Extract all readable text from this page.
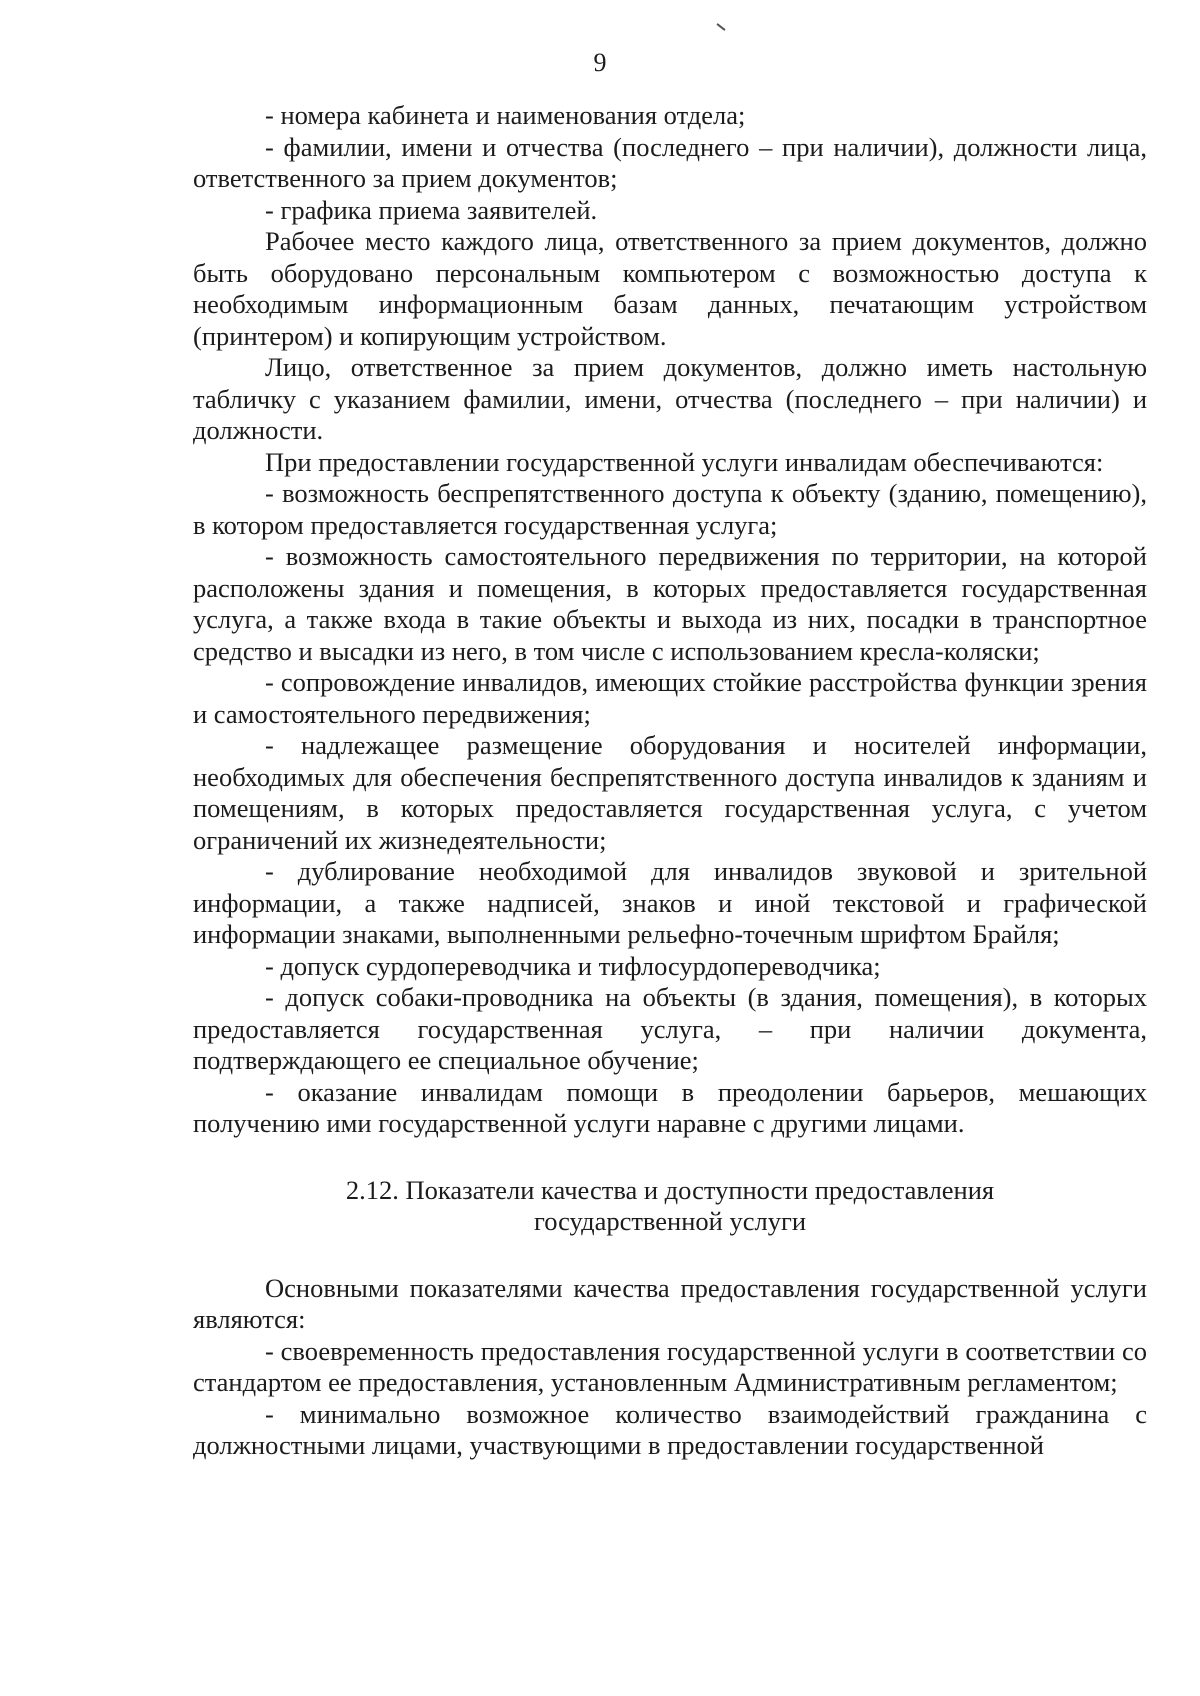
9

- номера кабинета и наименования отдела;

- фамилии, имени и отчества (последнего – при наличии), должности лица, ответственного за прием документов;

- графика приема заявителей.

Рабочее место каждого лица, ответственного за прием документов, должно быть оборудовано персональным компьютером с возможностью доступа к необходимым информационным базам данных, печатающим устройством (принтером) и копирующим устройством.

Лицо, ответственное за прием документов, должно иметь настольную табличку с указанием фамилии, имени, отчества (последнего – при наличии) и должности.

При предоставлении государственной услуги инвалидам обеспечиваются:

- возможность беспрепятственного доступа к объекту (зданию, помещению), в котором предоставляется государственная услуга;

- возможность самостоятельного передвижения по территории, на которой расположены здания и помещения, в которых предоставляется государственная услуга, а также входа в такие объекты и выхода из них, посадки в транспортное средство и высадки из него, в том числе с использованием кресла-коляски;

- сопровождение инвалидов, имеющих стойкие расстройства функции зрения и самостоятельного передвижения;

- надлежащее размещение оборудования и носителей информации, необходимых для обеспечения беспрепятственного доступа инвалидов к зданиям и помещениям, в которых предоставляется государственная услуга, с учетом ограничений их жизнедеятельности;

- дублирование необходимой для инвалидов звуковой и зрительной информации, а также надписей, знаков и иной текстовой и графической информации знаками, выполненными рельефно-точечным шрифтом Брайля;

- допуск сурдопереводчика и тифлосурдопереводчика;

- допуск собаки-проводника на объекты (в здания, помещения), в которых предоставляется государственная услуга, – при наличии документа, подтверждающего ее специальное обучение;

- оказание инвалидам помощи в преодолении барьеров, мешающих получению ими государственной услуги наравне с другими лицами.

2.12. Показатели качества и доступности предоставления
государственной услуги

Основными показателями качества предоставления государственной услуги являются:

- своевременность предоставления государственной услуги в соответствии со стандартом ее предоставления, установленным Административным регламентом;

- минимально возможное количество взаимодействий гражданина с должностными лицами, участвующими в предоставлении государственной
